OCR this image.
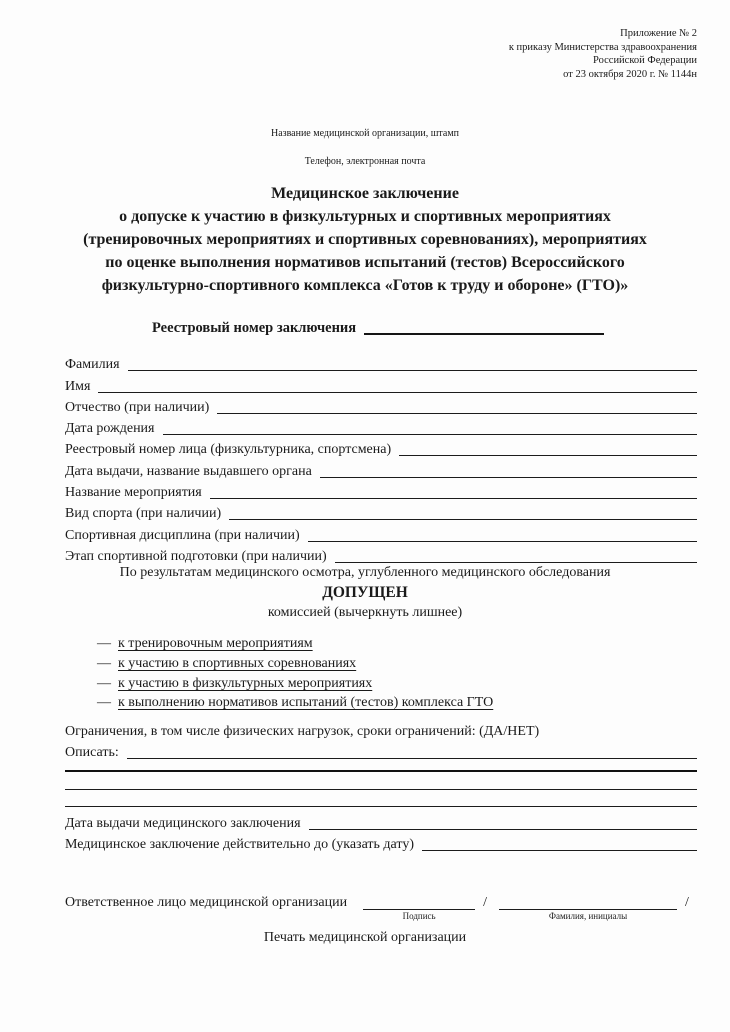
Приложение № 2
к приказу Министерства здравоохранения
Российской Федерации
от 23 октября 2020 г. № 1144н
Название медицинской организации, штамп
Телефон, электронная почта
Медицинское заключение
о допуске к участию в физкультурных и спортивных мероприятиях
(тренировочных мероприятиях и спортивных соревнованиях), мероприятиях
по оценке выполнения нормативов испытаний (тестов) Всероссийского
физкультурно-спортивного комплекса «Готов к труду и обороне» (ГТО)»
Реестровый номер заключения
Фамилия
Имя
Отчество (при наличии)
Дата рождения
Реестровый номер лица (физкультурника, спортсмена)
Дата выдачи, название выдавшего органа
Название мероприятия
Вид спорта (при наличии)
Спортивная дисциплина (при наличии)
Этап спортивной подготовки (при наличии)
По результатам медицинского осмотра, углубленного медицинского обследования
ДОПУЩЕН
комиссией (вычеркнуть лишнее)
— к тренировочным мероприятиям
— к участию в спортивных соревнованиях
— к участию в физкультурных мероприятиях
— к выполнению нормативов испытаний (тестов) комплекса ГТО
Ограничения, в том числе физических нагрузок, сроки ограничений: (ДА/НЕТ)
Описать:
Дата выдачи медицинского заключения
Медицинское заключение действительно до (указать дату)
Ответственное лицо медицинской организации
Подпись
/
Фамилия, инициалы
/
Печать медицинской организации
